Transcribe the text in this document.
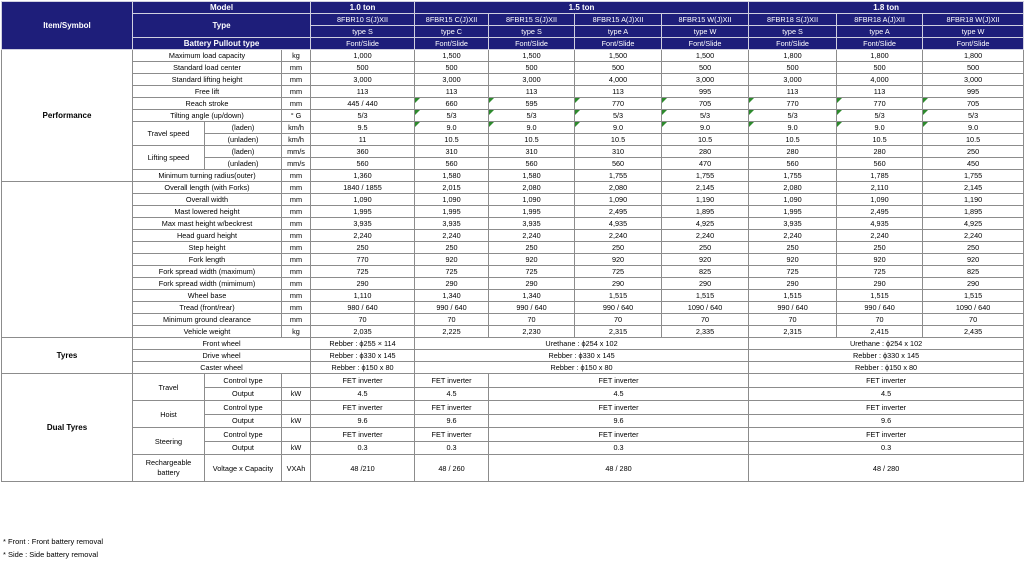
Item/Symbol	Model			1.0 ton	1.5 ton				1.8 ton		
	Type			8FBR10 S(J)XII	8FBR15 C(J)XII	8FBR15 S(J)XII	8FBR15 A(J)XII	8FBR15 W(J)XII	8FBR18 S(J)XII	8FBR18 A(J)XII	8FBR18 W(J)XII
				type S	type C	type S	type A	type W	type S	type A	type W
	Battery Pullout type			Font/Slide	Font/Slide	Font/Slide	Font/Slide	Font/Slide	Font/Slide	Font/Slide	Font/Slide
Performance	Maximum load capacity		kg	1,000	1,500	1,500	1,500	1,500	1,800	1,800	1,800
	Standard load center		mm	500	500	500	500	500	500	500	500
	Standard lifting height		mm	3,000	3,000	3,000	4,000	3,000	3,000	4,000	3,000
	Free lift		mm	113	113	113	113	995	113	113	995
	Reach stroke		mm	445 / 440	660	595	770	705	770	770	705
	Tilting angle (up/down)		° G	5/3	5/3	5/3	5/3	5/3	5/3	5/3	5/3
	Travel speed	(laden)	km/h	9.5	9.0	9.0	9.0	9.0	9.0	9.0	9.0
		(unladen)	km/h	11	10.5	10.5	10.5	10.5	10.5	10.5	10.5
	Lifting speed	(laden)	mm/s	360	310	310	310	280	280	280	250
		(unladen)	mm/s	560	560	560	560	470	560	560	450
	Minimum turning radius(outer)		mm	1,360	1,580	1,580	1,755	1,755	1,755	1,785	1,755
	Overall length (with Forks)		mm	1840 / 1855	2,015	2,080	2,080	2,145	2,080	2,110	2,145
	Overall width		mm	1,090	1,090	1,090	1,090	1,190	1,090	1,090	1,190
	Mast lowered height		mm	1,995	1,995	1,995	2,495	1,895	1,995	2,495	1,895
	Max mast height w/beckrest		mm	3,935	3,935	3,935	4,935	4,925	3,935	4,935	4,925
	Head guard height		mm	2,240	2,240	2,240	2,240	2,240	2,240	2,240	2,240
	Step height		mm	250	250	250	250	250	250	250	250
	Fork length		mm	770	920	920	920	920	920	920	920
	Fork spread width (maximum)		mm	725	725	725	725	825	725	725	825
	Fork spread width (mimimum)		mm	290	290	290	290	290	290	290	290
	Wheel base		mm	1,110	1,340	1,340	1,515	1,515	1,515	1,515	1,515
	Tread (front/rear)		mm	980 / 640	990 / 640	990 / 640	990 / 640	1090 / 640	990 / 640	990 / 640	1090 / 640
	Minimum ground clearance		mm	70	70	70	70	70	70	70	70
	Vehicle weight		kg	2,035	2,225	2,230	2,315	2,335	2,315	2,415	2,435
Tyres	Front wheel			Rebber : ϕ255 × 114	Urethane : ϕ254 x 102				Urethane : ϕ254 x 102		
	Drive wheel			Rebber : ϕ330 x 145	Rebber : ϕ330 x 145				Rebber : ϕ330 x 145		
	Caster wheel			Rebber : ϕ150 x 80	Rebber : ϕ150 x 80				Rebber : ϕ150 x 80		
Dual Tyres	Travel	Control type		FET inverter	FET inverter	FET inverter			FET inverter		
		Output	kW	4.5	4.5	4.5			4.5		
	Hoist	Control type		FET inverter	FET inverter	FET inverter			FET inverter		
		Output	kW	9.6	9.6	9.6			9.6		
	Steering	Control type		FET inverter	FET inverter	FET inverter			FET inverter		
		Output	kW	0.3	0.3	0.3			0.3		
	Rechargeable battery	Voltage x Capacity	VXAh	48 /210	48 / 260	48 / 280			48 / 280		
* Front : Front battery removal
* Side : Side battery removal
